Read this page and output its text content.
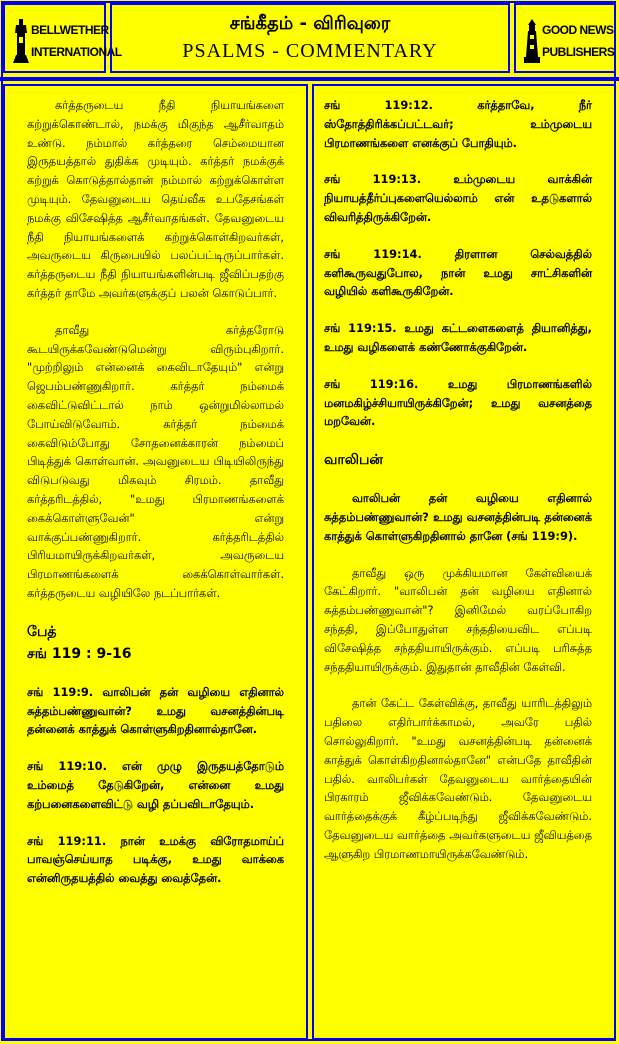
BELLWETHER
INTERNATIONAL
சங்கீதம் - விரிவுரை
PSALMS - COMMENTARY
GOOD NEWS
PUBLISHERS

கர்த்தருடைய நீதி நியாயங்களை கற்றுக்கொண்டால், நமக்கு மிகுந்த ஆசீர்வாதம் உண்டு. நம்மால் கர்த்தரை செம்மையான இருதயத்தால் துதிக்க முடியும். கர்த்தர் நமக்குக் கற்றுக் கொடுத்தால்தான் நம்மால் கற்றுக்கொள்ள முடியும். தேவனுடைய தெய்வீக உபதேசங்கள் நமக்கு விசேஷித்த ஆசீர்வாதங்கள். தேவனுடைய நீதி நியாயங்களைக் கற்றுக்கொள்கிறவர்கள், அவருடைய கிருபையில் பலப்பட்டிருப்பார்கள். கர்த்தருடைய நீதி நியாயங்களின்படி ஜீவிப்பதற்கு கர்த்தர் தாமே அவர்களுக்குப் பலன் கொடுப்பார்.

தாவீது கர்த்தரோடு கூடயிருக்கவேண்டுமென்று விரும்புகிறார். "முற்றிலும் என்னைக் கைவிடாதேயும்" என்று ஜெபம்பண்ணுகிறார். கர்த்தர் நம்மைக் கைவிட்டுவிட்டால் நாம் ஒன்றுமில்லாமல் போய்விடுவோம். கர்த்தர் நம்மைக் கைவிடும்போது சோதனைக்காரன் நம்மைப் பிடித்துக் கொள்வான். அவனுடைய பிடியிலிருந்து விடுபடுவது மிகவும் சிரமம். தாவீது கர்த்தரிடத்தில், "உமது பிரமாணங்களைக் கைக்கொள்ளுவேன்" என்று வாக்குப்பண்ணுகிறார். கர்த்தரிடத்தில் பிரியமாயிருக்கிறவர்கள், அவருடைய பிரமாணங்களைக் கைக்கொள்வார்கள். கர்த்தருடைய வழியிலே நடப்பார்கள்.

பேத்
சங் 119 : 9-16

சங் 119:9. வாலிபன் தன் வழியை எதினால் சுத்தம்பண்ணுவான்? உமது வசனத்தின்படி தன்னைக் காத்துக் கொள்ளுகிறதினால்தானே.

சங் 119:10. என் முழு இருதயத்தோடும் உம்மைத் தேடுகிறேன், என்னை உமது கற்பனைகளைவிட்டு வழி தப்பவிடாதேயும்.

சங் 119:11. நான் உமக்கு விரோதமாய்ப் பாவஞ்செய்யாத படிக்கு, உமது வாக்கை என்னிருதயத்தில் வைத்து வைத்தேன்.

சங் 119:12. கர்த்தாவே, நீர் ஸ்தோத்திரிக்கப்பட்டவர்; உம்முடைய பிரமாணங்களை எனக்குப் போதியும்.

சங் 119:13. உம்முடைய வாக்கின் நியாயத்தீர்ப்புகளையெல்லாம் என் உதடுகளால் விவரித்திருக்கிறேன்.

சங் 119:14. திரளான செல்வத்தில் களிகூருவதுபோல, நான் உமது சாட்சிகளின் வழியில் களிகூருகிறேன்.

சங் 119:15. உமது கட்டளைகளைத் தியானித்து, உமது வழிகளைக் கண்ணோக்குகிறேன்.

சங் 119:16. உமது பிரமாணங்களில் மனமகிழ்ச்சியாயிருக்கிறேன்; உமது வசனத்தை மறவேன்.

வாலிபன்

வாலிபன் தன் வழியை எதினால் சுத்தம்பண்ணுவான்? உமது வசனத்தின்படி தன்னைக் காத்துக் கொள்ளுகிறதினால் தானே (சங் 119:9).

தாவீது ஒரு முக்கியமான கேள்வியைக் கேட்கிறார். "வாலிபன் தன் வழியை எதினால் சுத்தம்பண்ணுவான்"? இனிமேல் வரப்போகிற சந்ததி, இப்போதுள்ள சந்ததியைவிட எப்படி விசேஷித்த சந்ததியாயிருக்கும். எப்படி பரிசுத்த சந்ததியாயிருக்கும். இதுதான் தாவீதின் கேள்வி.

தான் கேட்ட கேள்விக்கு, தாவீது யாரிடத்திலும் பதிலை எதிர்பார்க்காமல், அவரே பதில் சொல்லுகிறார். "உமது வசனத்தின்படி தன்னைக் காத்துக் கொள்கிறதினால்தானே" என்பதே தாவீதின் பதில். வாலிபர்கள் தேவனுடைய வார்த்தையின் பிரகாரம் ஜீவிக்கவேண்டும். தேவனுடைய வார்த்தைக்குக் கீழ்ப்படிந்து ஜீவிக்கவேண்டும். தேவனுடைய வார்த்தை அவர்களுடைய ஜீவியத்தை ஆளுகிற பிரமாணமாயிருக்கவேண்டும்.
